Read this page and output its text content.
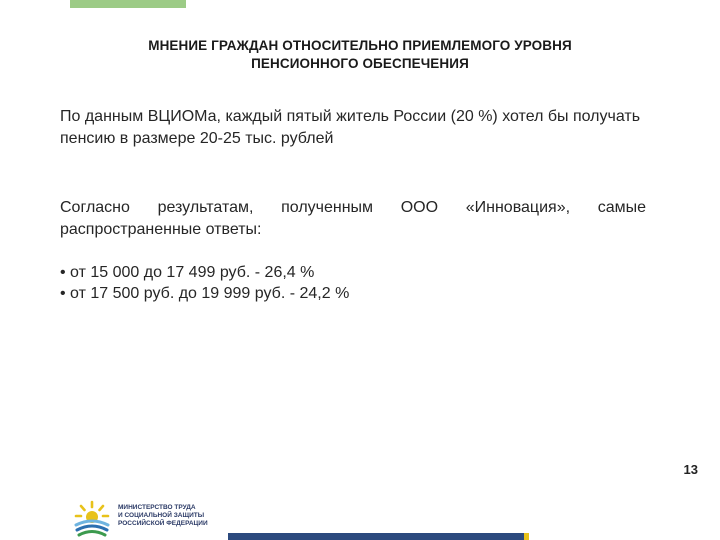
МНЕНИЕ ГРАЖДАН ОТНОСИТЕЛЬНО ПРИЕМЛЕМОГО УРОВНЯ
ПЕНСИОННОГО ОБЕСПЕЧЕНИЯ
По данным ВЦИОМа, каждый пятый житель России (20 %) хотел бы получать пенсию в размере 20-25 тыс. рублей
Согласно результатам, полученным ООО «Инновация», самые
распространенные ответы:
• от 15 000 до 17 499 руб. - 26,4 %
• от 17 500 руб. до 19 999 руб. - 24,2 %
13
МИНИСТЕРСТВО ТРУДА
И СОЦИАЛЬНОЙ ЗАЩИТЫ
РОССИЙСКОЙ ФЕДЕРАЦИИ
